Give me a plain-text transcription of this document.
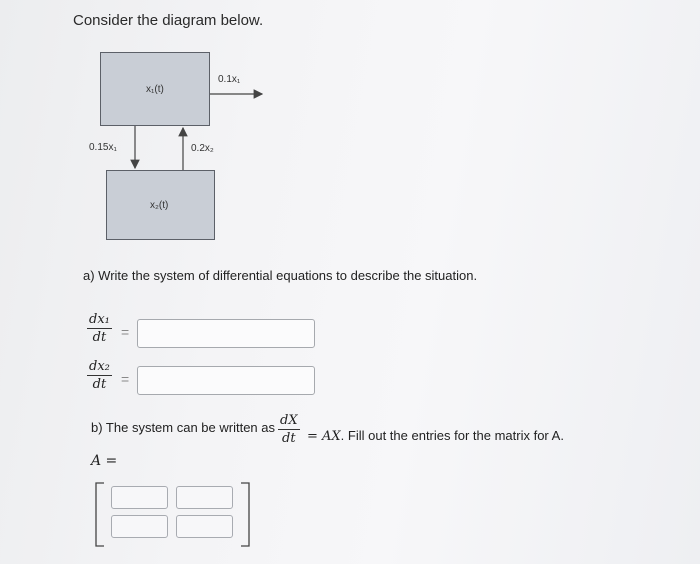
Consider the diagram below.
x₁(t)
x₂(t)
0.1x₁
0.15x₁	0.2x₂
a) Write the system of differential equations to describe the situation.
$\frac{\text{dx₁}}{dt}$ =
$\frac{\text{dx₂}}{dt}$ =
b) The system can be written as $\frac{dX}{dt}$ = AX. Fill out the entries for the matrix for A.
A =
